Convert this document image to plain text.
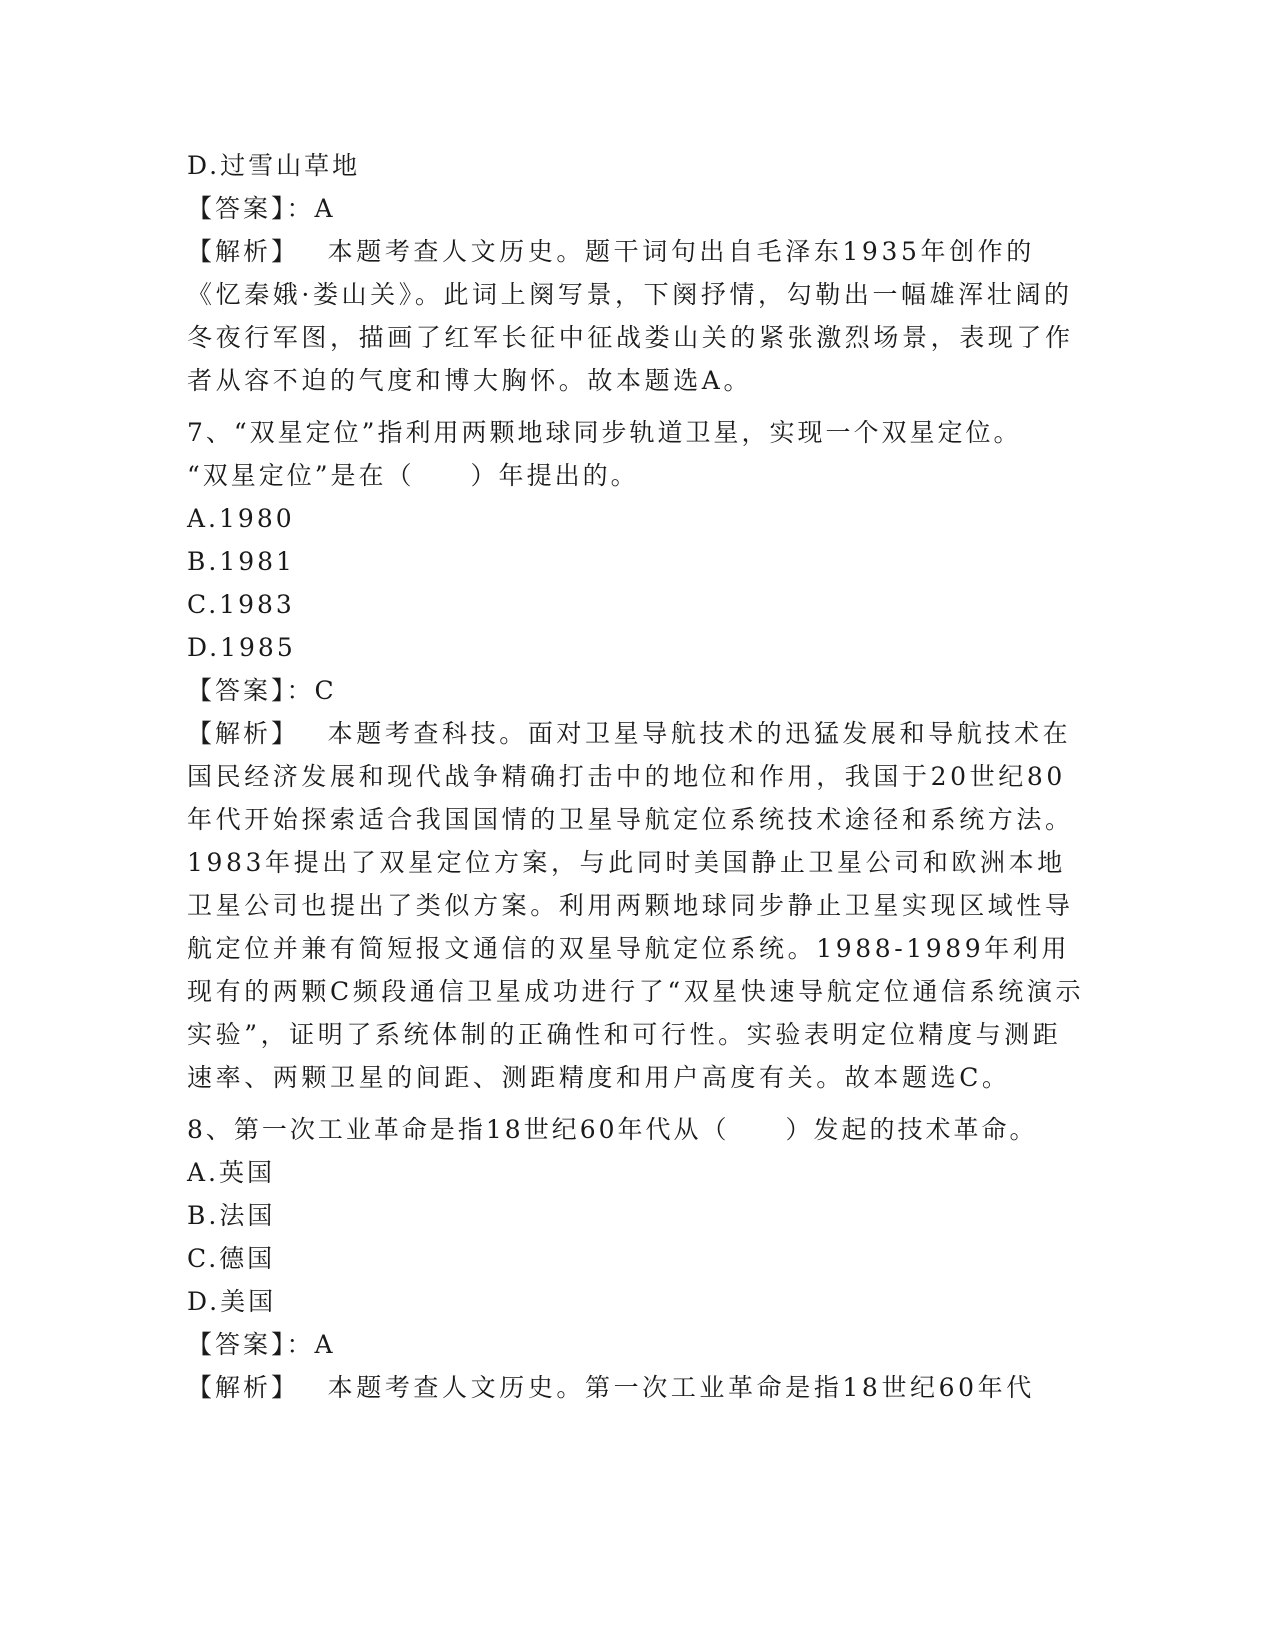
D.过雪山草地
【答案】：A
【解析】  本题考查人文历史。题干词句出自毛泽东1935年创作的《忆秦娥·娄山关》。此词上阕写景，下阕抒情，勾勒出一幅雄浑壮阔的冬夜行军图，描画了红军长征中征战娄山关的紧张激烈场景，表现了作者从容不迫的气度和博大胸怀。故本题选A。
7、“双星定位”指利用两颗地球同步轨道卫星，实现一个双星定位。
“双星定位”是在（　　）年提出的。
A.1980
B.1981
C.1983
D.1985
【答案】：C
【解析】  本题考查科技。面对卫星导航技术的迅猛发展和导航技术在国民经济发展和现代战争精确打击中的地位和作用，我国于20世纪80年代开始探索适合我国国情的卫星导航定位系统技术途径和系统方法。1983年提出了双星定位方案，与此同时美国静止卫星公司和欧洲本地卫星公司也提出了类似方案。利用两颗地球同步静止卫星实现区域性导航定位并兼有简短报文通信的双星导航定位系统。1988-1989年利用现有的两颗C频段通信卫星成功进行了“双星快速导航定位通信系统演示实验”，证明了系统体制的正确性和可行性。实验表明定位精度与测距速率、两颗卫星的间距、测距精度和用户高度有关。故本题选C。
8、第一次工业革命是指18世纪60年代从（　　）发起的技术革命。
A.英国
B.法国
C.德国
D.美国
【答案】：A
【解析】  本题考查人文历史。第一次工业革命是指18世纪60年代
